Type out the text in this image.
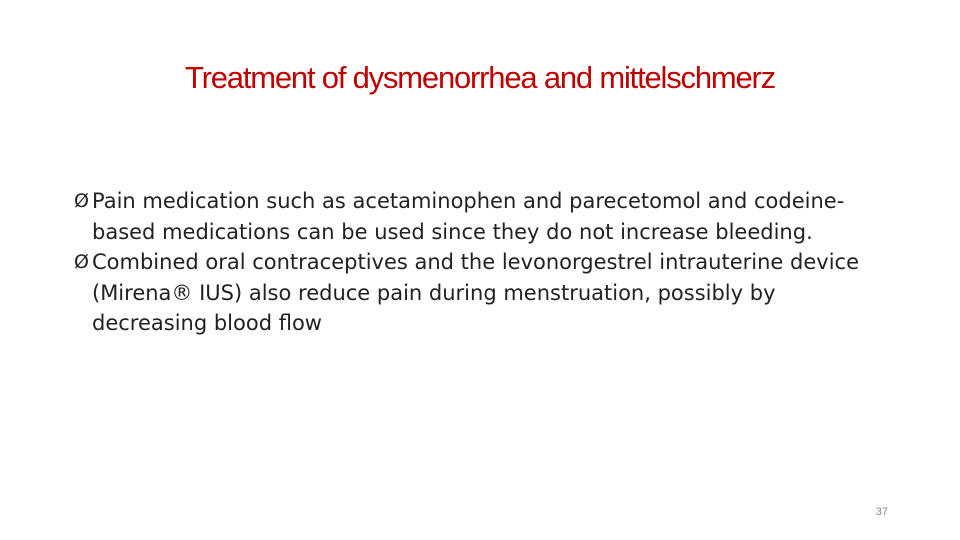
Treatment of dysmenorrhea and mittelschmerz
Ø Pain medication such as acetaminophen and parecetomol and codeine-based medications can be used since they do not increase bleeding.
Ø Combined oral contraceptives and the levonorgestrel intrauterine device (Mirena® IUS) also reduce pain during menstruation, possibly by decreasing blood flow
37
